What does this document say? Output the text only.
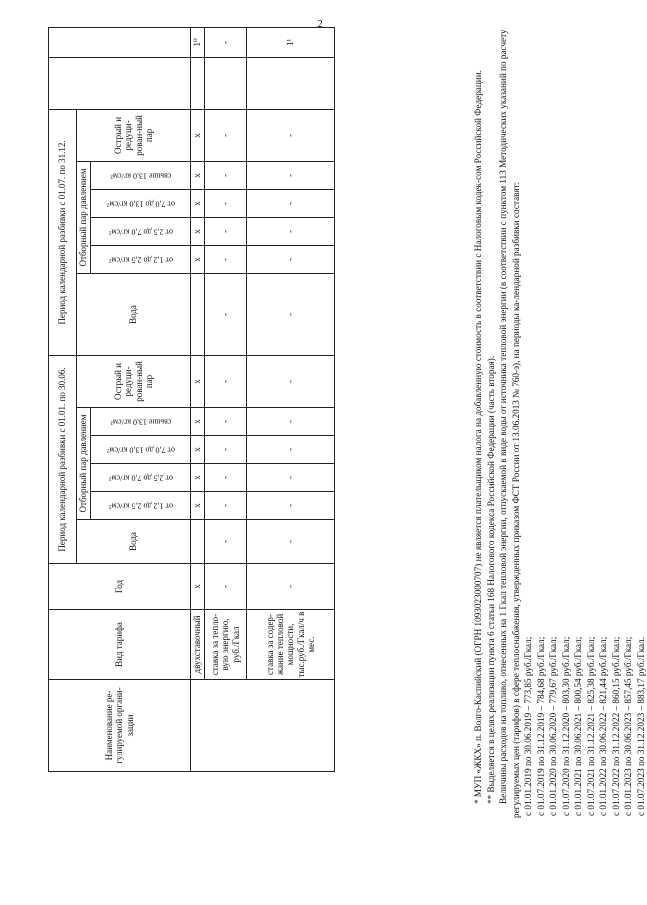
2
Наименование ре-гулируемой органи-зации	Вид тарифа	Год	Период календарной разбивки с 01.01. по 30.06.						Период календарной разбивки с 01.07. по 31.12.							
			Вода	Отборный пар давлением				Острый и редуци-рован-ный пар	Вода	Отборный пар давлением				Острый и редуци-рован-ный пар		

				от 1,2 до 2,5 кг/см²	от 2,5 до 7,0 кг/см²	от 7,0 до 13,0 кг/см²	свыше 13,0 кг/см²			от 1,2 до 2,5 кг/см²	от 2,5 до 7,0 кг/см²	от 7,0 до 13,0 кг/см²	свыше 13,0 кг/см²			

	двухставочный	х		х	х	х	х	х		х	х	х	х	х		1⁰
	ставка за тепло-вую энергию, руб./Гкал	-	-	-	-	-	-	-	-	-	-	-	-	-		-
	ставка за содер-жание тепловой мощности, тыс.руб./Гкал/ч в мес.	-	-	-	-	-	-	-	-	-	-	-	-	-		1¹

* МУП «ЖКХ» п. Волго-Каспийский (ОГРН 1093023000707) не является плательщиком налога на добавленную стоимость в соответствии с Налоговым кодек-сом Российской Федерации. ** Выделяется в целях реализации пункта 6 статьи 168 Налогового кодекса Российской Федерации (часть вторая). Величины расходов на топливо, отнесенных на 1 Гкал тепловой энергии, отпускаемой в виде воды от источника тепловой энергии (в соответствии с пунктом 113 Методических указаний по расчету регулируемых цен (тарифов) в сфере теплоснабжения, утвержденных приказом ФСТ России от 13.06.2013 № 760-э), на периоды ка-лендарной разбивки составят: с 01.01.2019 по 30.06.2019 – 773,85 руб./Гкал; с 01.07.2019 по 31.12.2019 – 784,68 руб./Гкал; с 01.01.2020 по 30.06.2020 – 779,67 руб./Гкал; с 01.07.2020 по 31.12.2020 – 803,30 руб./Гкал; с 01.01.2021 по 30.06.2021 – 800,54 руб./Гкал; с 01.07.2021 по 31.12.2021 – 825,38 руб./Гкал; с 01.01.2022 по 30.06.2022 – 821,44 руб./Гкал; с 01.07.2022 по 31.12.2022 – 860,15 руб./Гкал; с 01.01.2023 по 30.06.2023 – 857,45 руб./Гкал; с 01.07.2023 по 31.12.2023 – 883,17 руб./Гкал.
